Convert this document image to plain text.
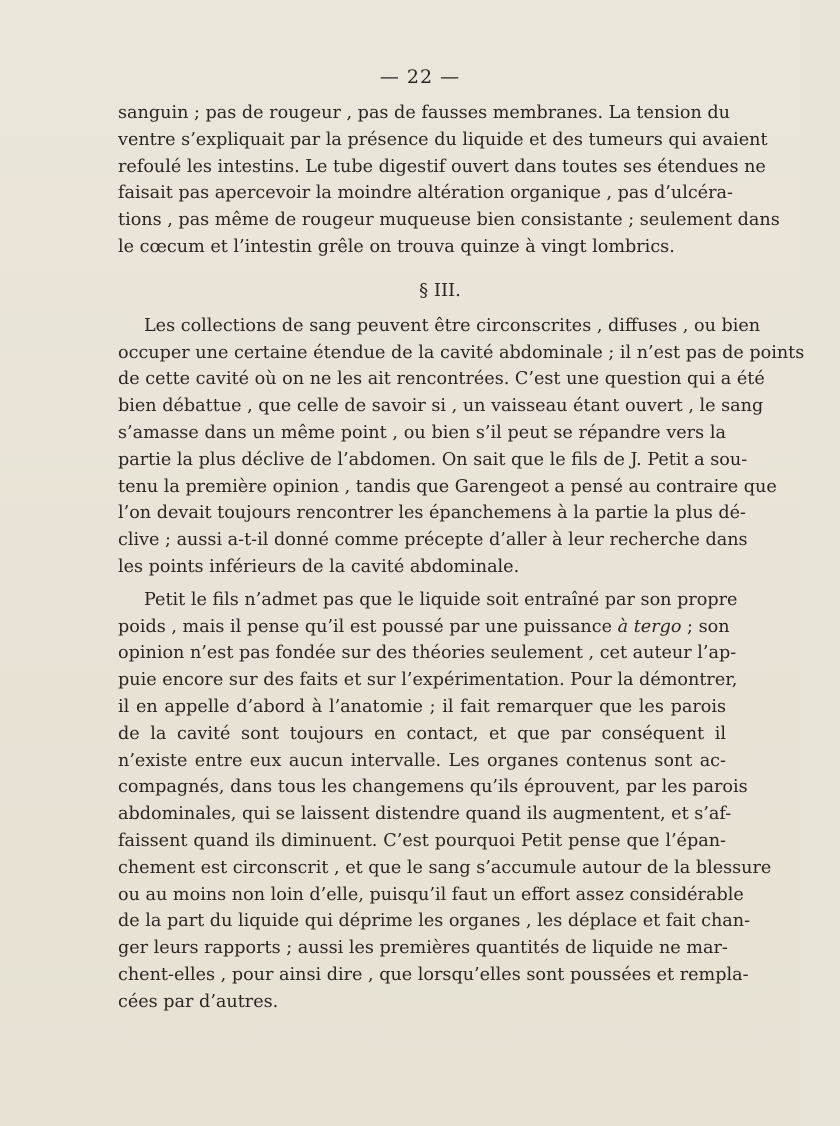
— 22 —
sanguin ; pas de rougeur , pas de fausses membranes. La tension du
ventre s’expliquait par la présence du liquide et des tumeurs qui avaient
refoulé les intestins. Le tube digestif ouvert dans toutes ses étendues ne
faisait pas apercevoir la moindre altération organique , pas d’ulcéra-
tions , pas même de rougeur muqueuse bien consistante ; seulement dans
le cœcum et l’intestin grêle on trouva quinze à vingt lombrics.
§ III.
Les collections de sang peuvent être circonscrites , diffuses , ou bien
occuper une certaine étendue de la cavité abdominale ; il n’est pas de points
de cette cavité où on ne les ait rencontrées. C’est une question qui a été
bien débattue , que celle de savoir si , un vaisseau étant ouvert , le sang
s’amasse dans un même point , ou bien s’il peut se répandre vers la
partie la plus déclive de l’abdomen. On sait que le fils de J. Petit a sou-
tenu la première opinion , tandis que Garengeot a pensé au contraire que
l’on devait toujours rencontrer les épanchemens à la partie la plus dé-
clive ; aussi a-t-il donné comme précepte d’aller à leur recherche dans
les points inférieurs de la cavité abdominale.
Petit le fils n’admet pas que le liquide soit entraîné par son propre
poids , mais il pense qu’il est poussé par une puissance à tergo ; son
opinion n’est pas fondée sur des théories seulement , cet auteur l’ap-
puie encore sur des faits et sur l’expérimentation. Pour la démontrer,
il en appelle d’abord à l’anatomie ; il fait remarquer que les parois
de la cavité sont toujours en contact, et que par conséquent il
n’existe entre eux aucun intervalle. Les organes contenus sont ac-
compagnés, dans tous les changemens qu’ils éprouvent, par les parois
abdominales, qui se laissent distendre quand ils augmentent, et s’af-
faissent quand ils diminuent. C’est pourquoi Petit pense que l’épan-
chement est circonscrit , et que le sang s’accumule autour de la blessure
ou au moins non loin d’elle, puisqu’il faut un effort assez considérable
de la part du liquide qui déprime les organes , les déplace et fait chan-
ger leurs rapports ; aussi les premières quantités de liquide ne mar-
chent-elles , pour ainsi dire , que lorsqu’elles sont poussées et rempla-
cées par d’autres.
